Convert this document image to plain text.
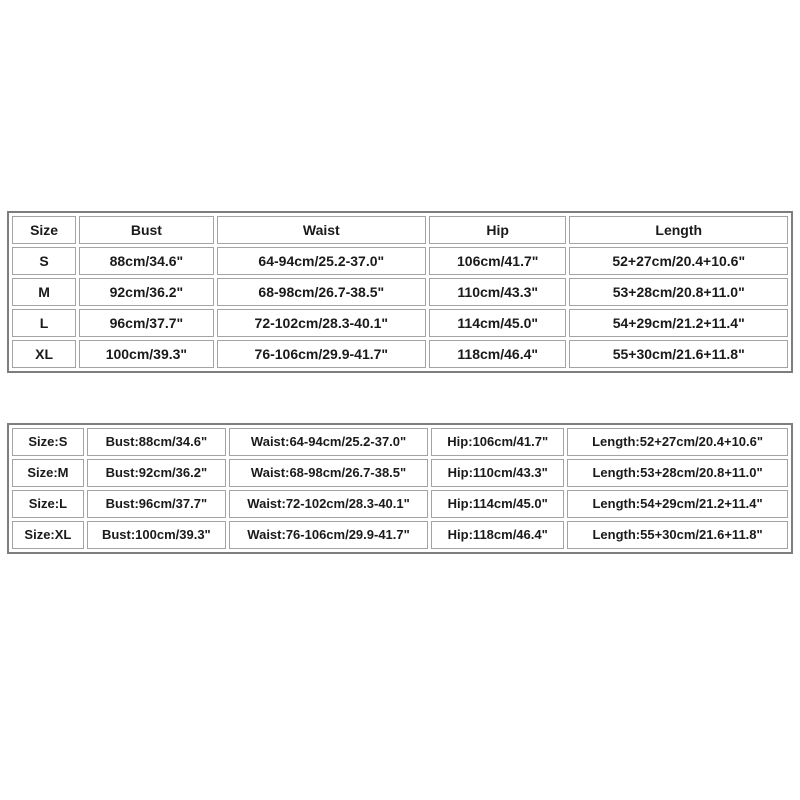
Size	Bust	Waist	Hip	Length
S	88cm/34.6"	64-94cm/25.2-37.0"	106cm/41.7"	52+27cm/20.4+10.6"
M	92cm/36.2"	68-98cm/26.7-38.5"	110cm/43.3"	53+28cm/20.8+11.0"
L	96cm/37.7"	72-102cm/28.3-40.1"	114cm/45.0"	54+29cm/21.2+11.4"
XL	100cm/39.3"	76-106cm/29.9-41.7"	118cm/46.4"	55+30cm/21.6+11.8"
Size:S	Bust:88cm/34.6"	Waist:64-94cm/25.2-37.0"	Hip:106cm/41.7"	Length:52+27cm/20.4+10.6"
Size:M	Bust:92cm/36.2"	Waist:68-98cm/26.7-38.5"	Hip:110cm/43.3"	Length:53+28cm/20.8+11.0"
Size:L	Bust:96cm/37.7"	Waist:72-102cm/28.3-40.1"	Hip:114cm/45.0"	Length:54+29cm/21.2+11.4"
Size:XL	Bust:100cm/39.3"	Waist:76-106cm/29.9-41.7"	Hip:118cm/46.4"	Length:55+30cm/21.6+11.8"
